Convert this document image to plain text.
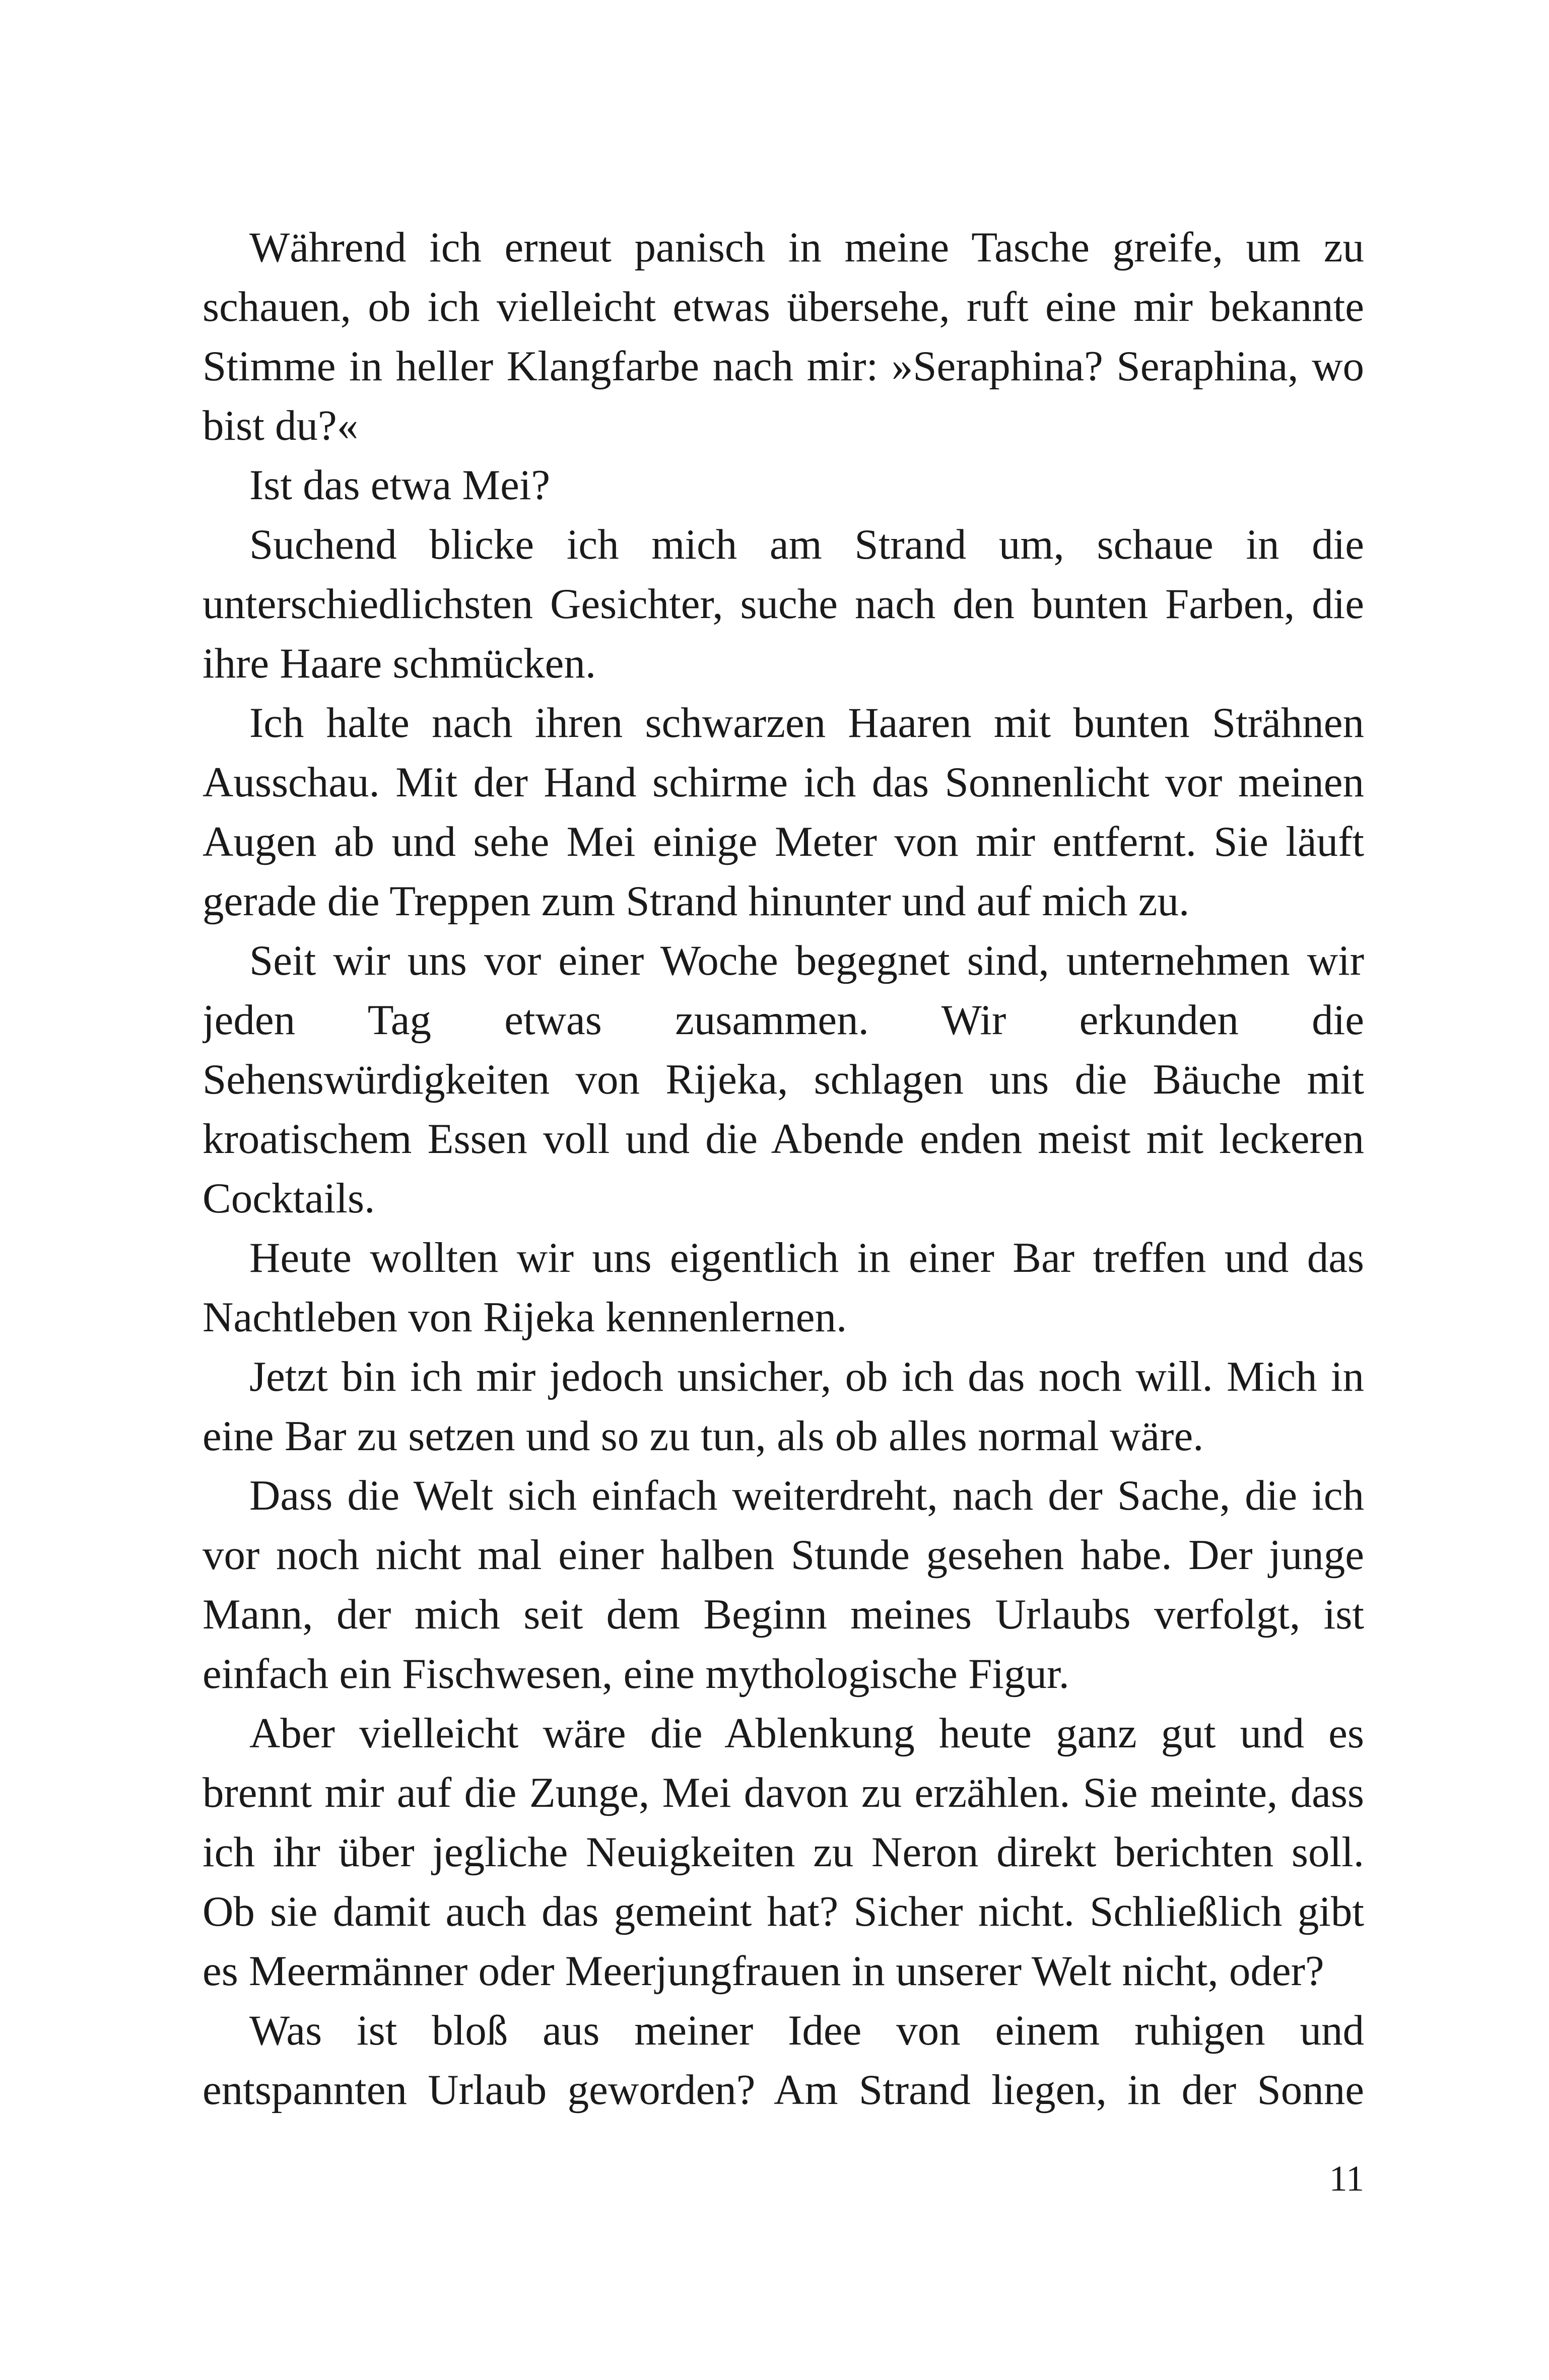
Während ich erneut panisch in meine Tasche greife, um zu
schauen, ob ich vielleicht etwas übersehe, ruft eine mir bekannte
Stimme in heller Klangfarbe nach mir: »Seraphina? Seraphina, wo
bist du?«
Ist das etwa Mei?
Suchend blicke ich mich am Strand um, schaue in die
unterschiedlichsten Gesichter, suche nach den bunten Farben, die
ihre Haare schmücken.
Ich halte nach ihren schwarzen Haaren mit bunten Strähnen
Ausschau. Mit der Hand schirme ich das Sonnenlicht vor meinen
Augen ab und sehe Mei einige Meter von mir entfernt. Sie läuft
gerade die Treppen zum Strand hinunter und auf mich zu.
Seit wir uns vor einer Woche begegnet sind, unternehmen wir
jeden Tag etwas zusammen. Wir erkunden die
Sehenswürdigkeiten von Rijeka, schlagen uns die Bäuche mit
kroatischem Essen voll und die Abende enden meist mit leckeren
Cocktails.
Heute wollten wir uns eigentlich in einer Bar treffen und das
Nachtleben von Rijeka kennenlernen.
Jetzt bin ich mir jedoch unsicher, ob ich das noch will. Mich in
eine Bar zu setzen und so zu tun, als ob alles normal wäre.
Dass die Welt sich einfach weiterdreht, nach der Sache, die ich
vor noch nicht mal einer halben Stunde gesehen habe. Der junge
Mann, der mich seit dem Beginn meines Urlaubs verfolgt, ist
einfach ein Fischwesen, eine mythologische Figur.
Aber vielleicht wäre die Ablenkung heute ganz gut und es
brennt mir auf die Zunge, Mei davon zu erzählen. Sie meinte, dass
ich ihr über jegliche Neuigkeiten zu Neron direkt berichten soll.
Ob sie damit auch das gemeint hat? Sicher nicht. Schließlich gibt
es Meermänner oder Meerjungfrauen in unserer Welt nicht, oder?
Was ist bloß aus meiner Idee von einem ruhigen und
entspannten Urlaub geworden? Am Strand liegen, in der Sonne
11
